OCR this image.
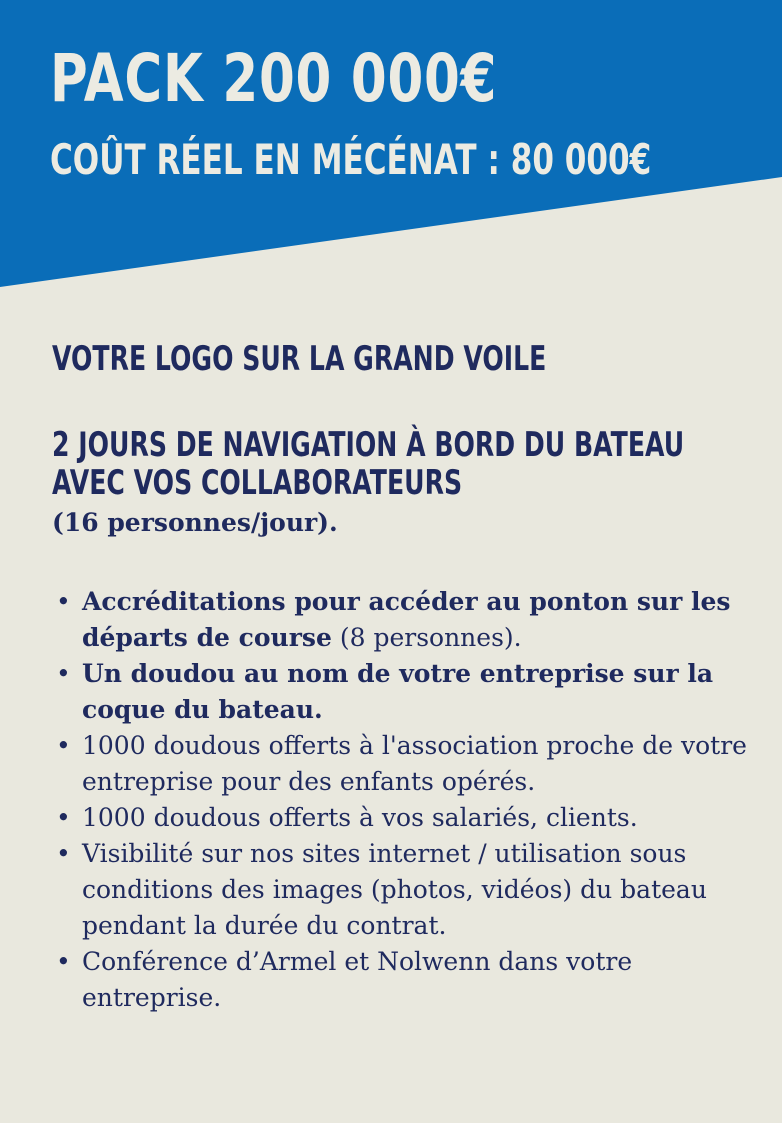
PACK 200 000€
COÛT RÉEL EN MÉCÉNAT : 80 000€
VOTRE LOGO SUR LA GRAND VOILE
2 JOURS DE NAVIGATION À BORD DU BATEAU
AVEC VOS COLLABORATEURS

(16 personnes/jour).

• Accréditations pour accéder au ponton sur les départs de course (8 personnes).
• Un doudou au nom de votre entreprise sur la coque du bateau.
• 1000 doudous offerts à l'association proche de votre entreprise pour des enfants opérés.
• 1000 doudous offerts à vos salariés, clients.
• Visibilité sur nos sites internet / utilisation sous conditions des images (photos, vidéos) du bateau pendant la durée du contrat.
• Conférence d’Armel et Nolwenn dans votre entreprise.
